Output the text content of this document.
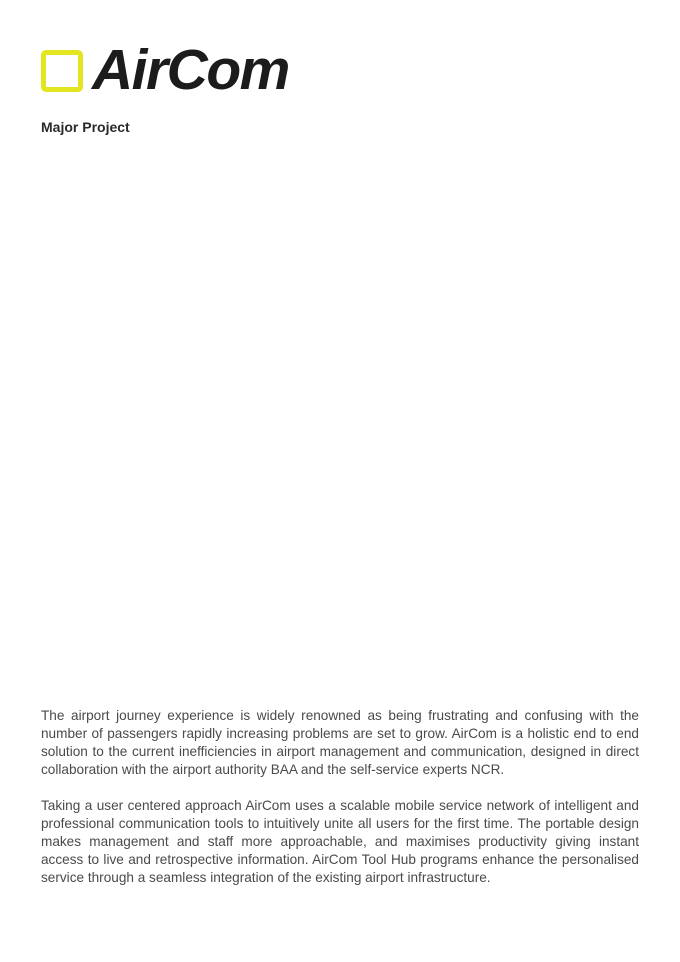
AirCom
Major Project

The airport journey experience is widely renowned as being frustrating and confusing with the number of passengers rapidly increasing problems are set to grow. AirCom is a holistic end to end solution to the current inefficiencies in airport management and communication, designed in direct collaboration with the airport authority BAA and the self-service experts NCR.

Taking a user centered approach AirCom uses a scalable mobile service network of intelligent and professional communication tools to intuitively unite all users for the first time. The portable design makes management and staff more approachable, and maximises productivity giving instant access to live and retrospective information. AirCom Tool Hub programs enhance the personalised service through a seamless integration of the existing airport infrastructure.
